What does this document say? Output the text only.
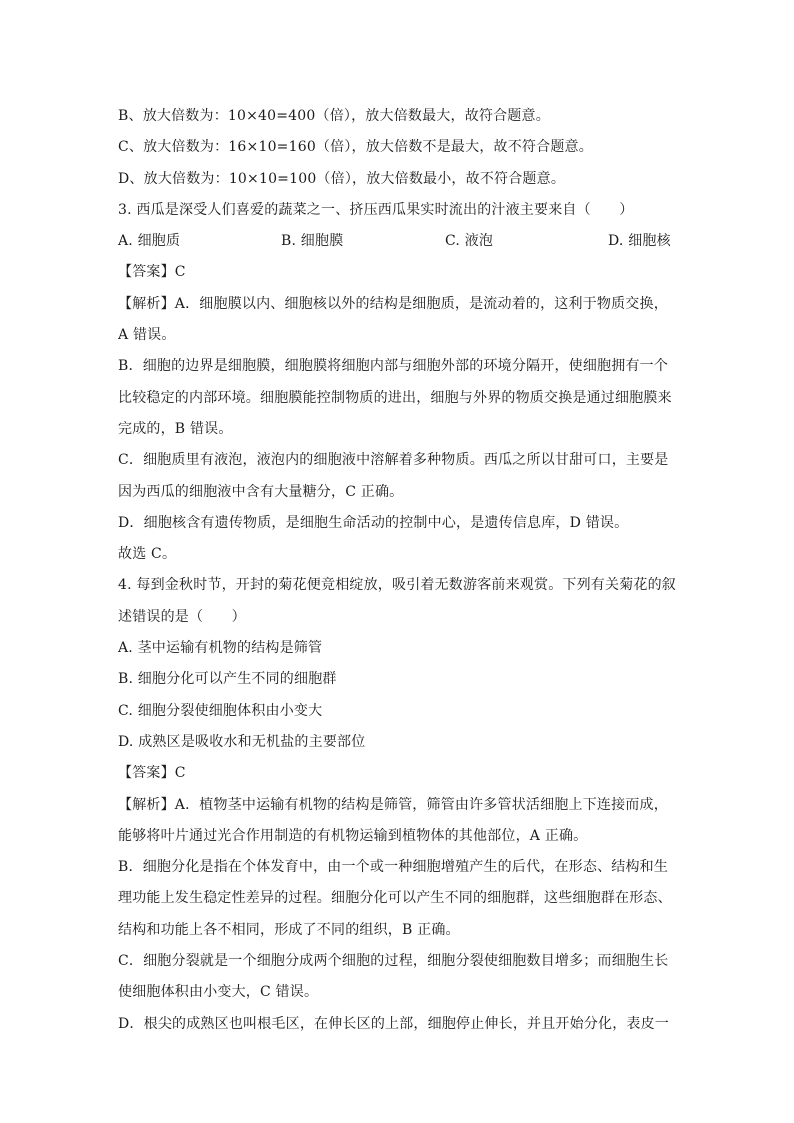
B、放大倍数为：10×40=400（倍），放大倍数最大，故符合题意。
C、放大倍数为：16×10=160（倍），放大倍数不是最大，故不符合题意。
D、放大倍数为：10×10=100（倍），放大倍数最小，故不符合题意。
3. 西瓜是深受人们喜爱的蔬菜之一、挤压西瓜果实时流出的汁液主要来自（　　）
A. 细胞质	B. 细胞膜	C. 液泡	D. 细胞核
【答案】C
【解析】A．细胞膜以内、细胞核以外的结构是细胞质，是流动着的，这利于物质交换，
A 错误。
B．细胞的边界是细胞膜，细胞膜将细胞内部与细胞外部的环境分隔开，使细胞拥有一个
比较稳定的内部环境。细胞膜能控制物质的进出，细胞与外界的物质交换是通过细胞膜来
完成的，B 错误。
C．细胞质里有液泡，液泡内的细胞液中溶解着多种物质。西瓜之所以甘甜可口，主要是
因为西瓜的细胞液中含有大量糖分，C 正确。
D．细胞核含有遗传物质，是细胞生命活动的控制中心，是遗传信息库，D 错误。
故选 C。
4. 每到金秋时节，开封的菊花便竞相绽放，吸引着无数游客前来观赏。下列有关菊花的叙
述错误的是（　　）
A. 茎中运输有机物的结构是筛管
B. 细胞分化可以产生不同的细胞群
C. 细胞分裂使细胞体积由小变大
D. 成熟区是吸收水和无机盐的主要部位
【答案】C
【解析】A．植物茎中运输有机物的结构是筛管，筛管由许多管状活细胞上下连接而成，
能够将叶片通过光合作用制造的有机物运输到植物体的其他部位，A 正确。
B．细胞分化是指在个体发育中，由一个或一种细胞增殖产生的后代，在形态、结构和生
理功能上发生稳定性差异的过程。细胞分化可以产生不同的细胞群，这些细胞群在形态、
结构和功能上各不相同，形成了不同的组织，B 正确。
C．细胞分裂就是一个细胞分成两个细胞的过程，细胞分裂使细胞数目增多；而细胞生长
使细胞体积由小变大，C 错误。
D．根尖的成熟区也叫根毛区，在伸长区的上部，细胞停止伸长，并且开始分化，表皮一
